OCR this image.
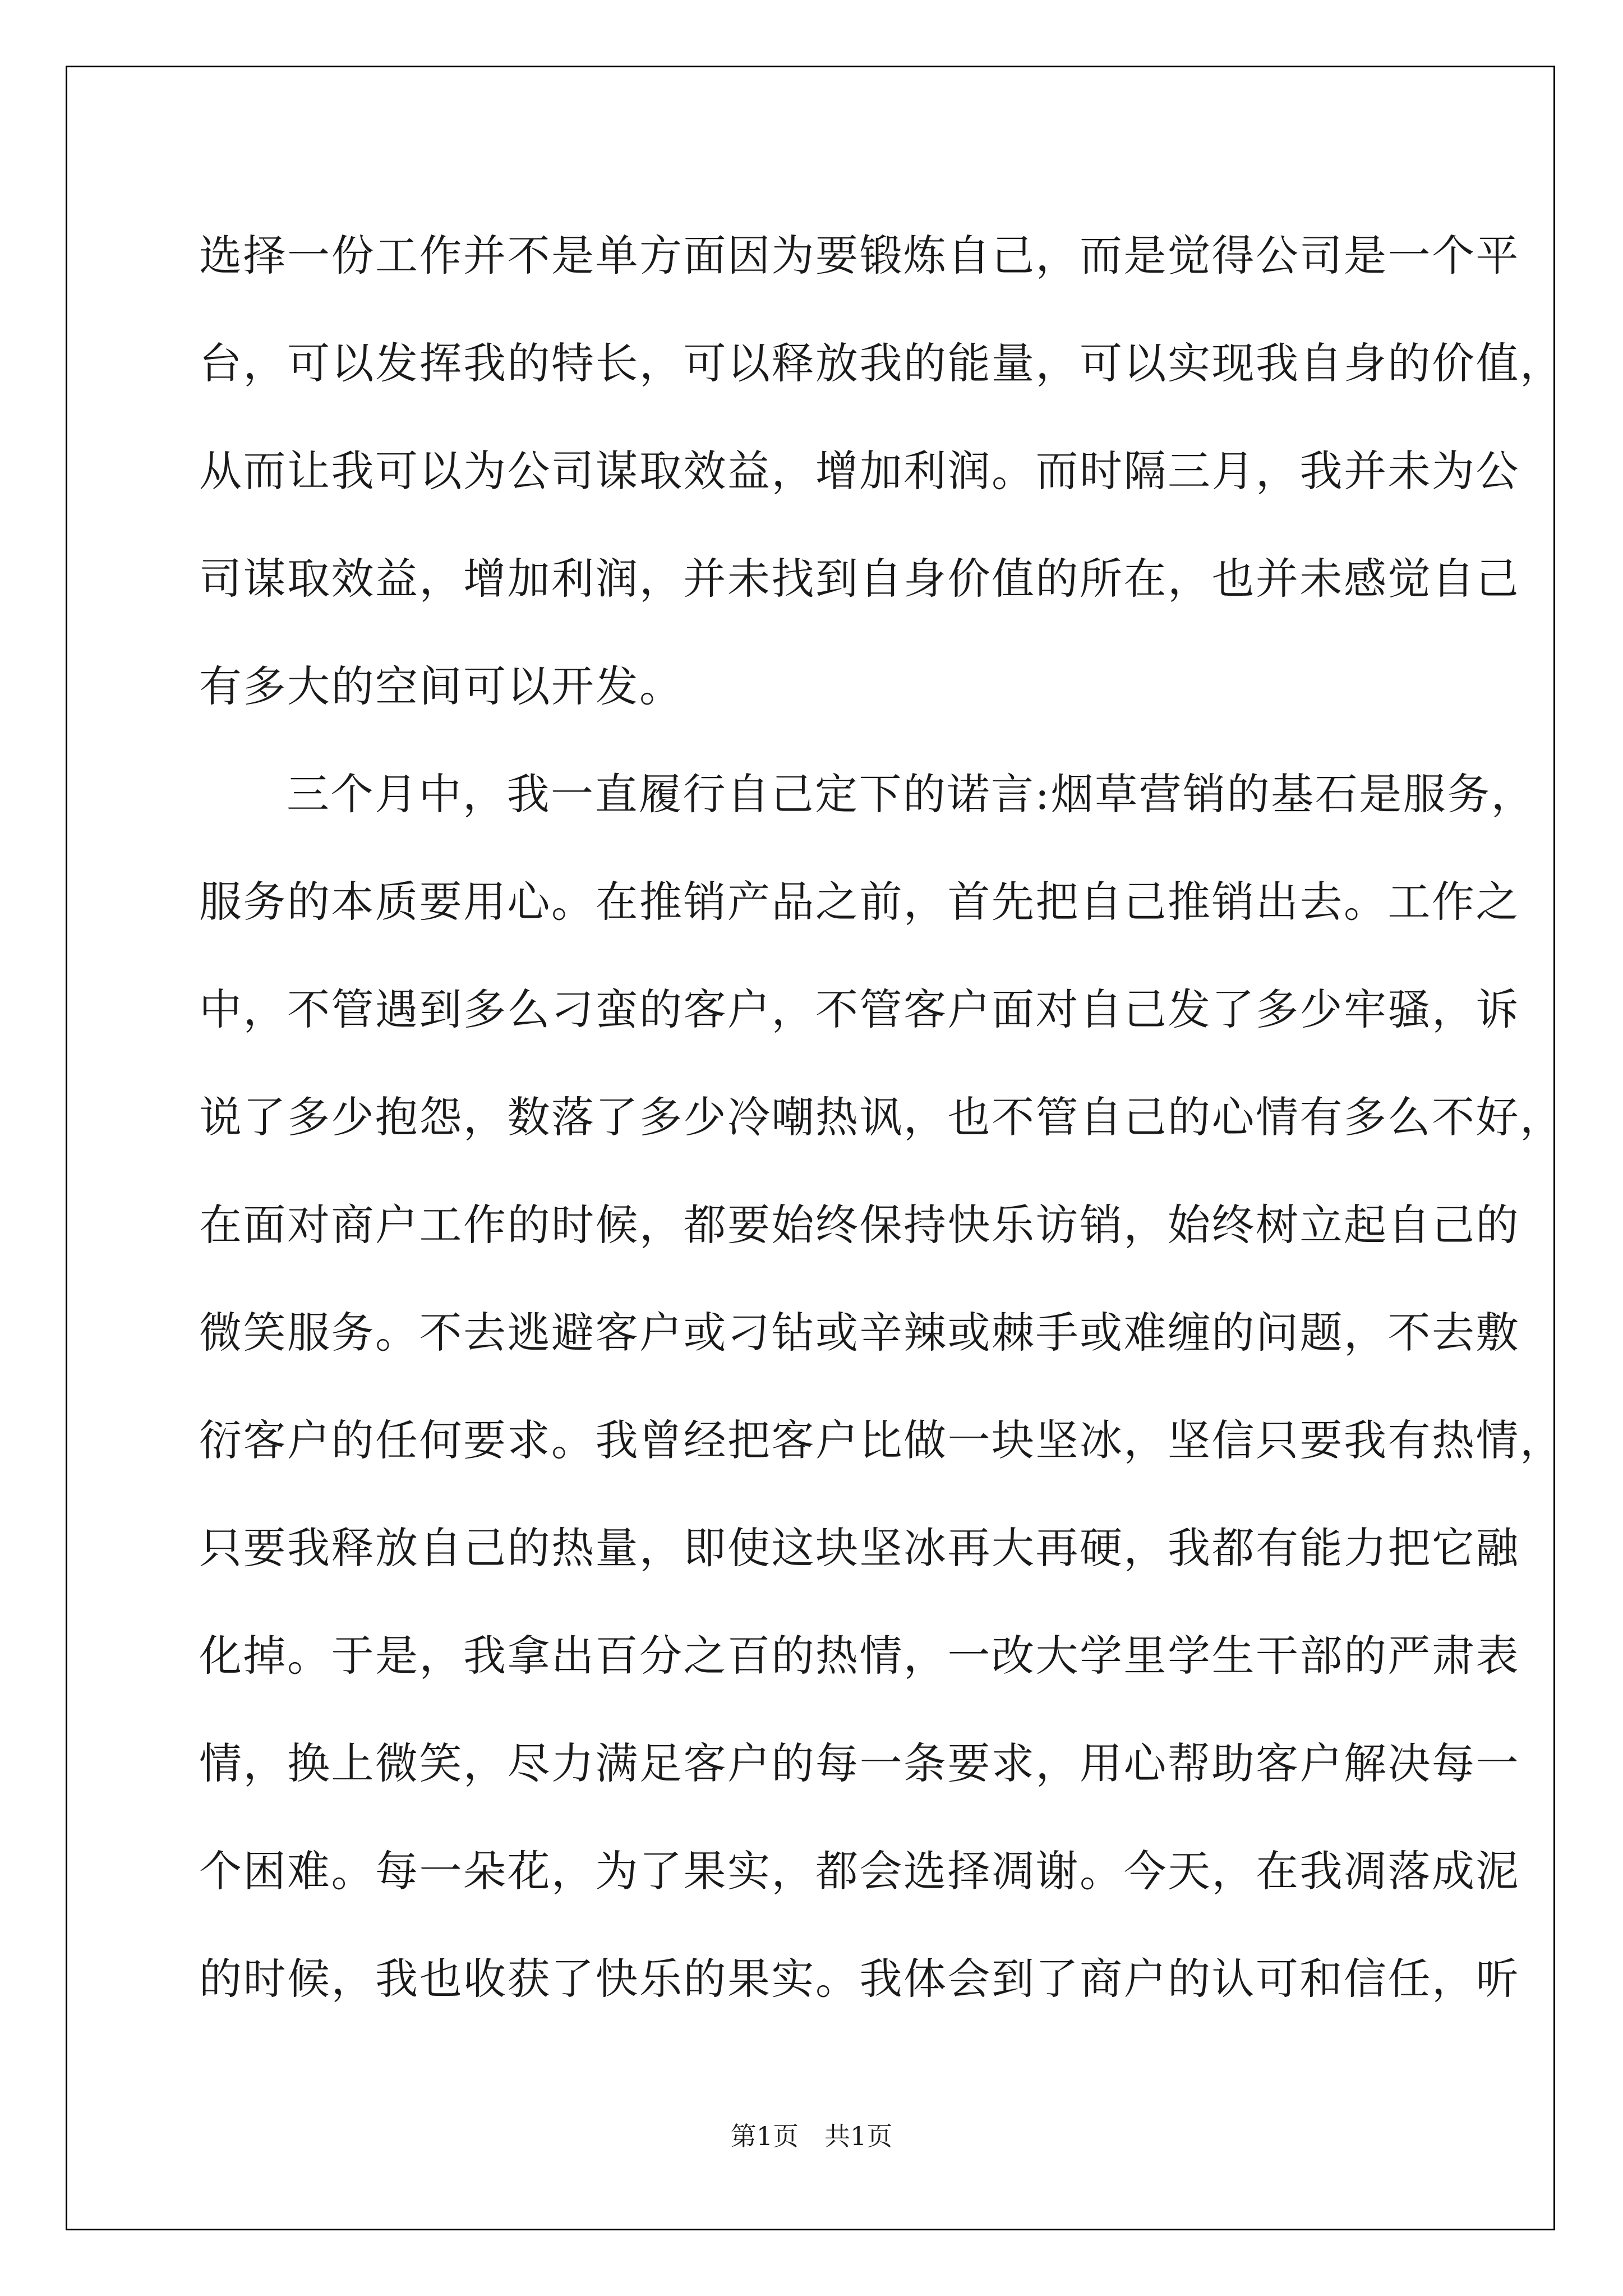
选择一份工作并不是单方面因为要锻炼自己，而是觉得公司是一个平
台，可以发挥我的特长，可以释放我的能量，可以实现我自身的价值，
从而让我可以为公司谋取效益，增加利润。而时隔三月，我并未为公
司谋取效益，增加利润，并未找到自身价值的所在，也并未感觉自己
有多大的空间可以开发。
三个月中，我一直履行自己定下的诺言:烟草营销的基石是服务，
服务的本质要用心。在推销产品之前，首先把自己推销出去。工作之
中，不管遇到多么刁蛮的客户，不管客户面对自己发了多少牢骚，诉
说了多少抱怨，数落了多少冷嘲热讽，也不管自己的心情有多么不好，
在面对商户工作的时候，都要始终保持快乐访销，始终树立起自己的
微笑服务。不去逃避客户或刁钻或辛辣或棘手或难缠的问题，不去敷
衍客户的任何要求。我曾经把客户比做一块坚冰，坚信只要我有热情，
只要我释放自己的热量，即使这块坚冰再大再硬，我都有能力把它融
化掉。于是，我拿出百分之百的热情，一改大学里学生干部的严肃表
情，换上微笑，尽力满足客户的每一条要求，用心帮助客户解决每一
个困难。每一朵花，为了果实，都会选择凋谢。今天，在我凋落成泥
的时候，我也收获了快乐的果实。我体会到了商户的认可和信任，听
第1页　共1页
